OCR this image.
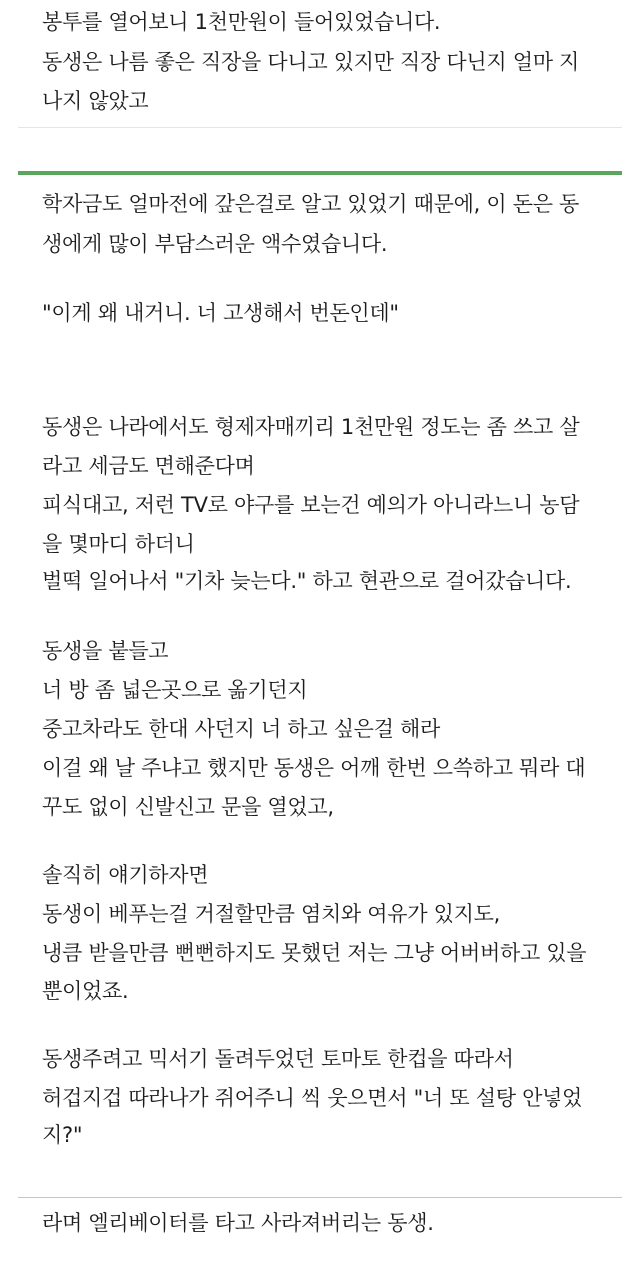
봉투를 열어보니 1천만원이 들어있었습니다.
동생은 나름 좋은 직장을 다니고 있지만 직장 다닌지 얼마 지
나지 않았고
학자금도 얼마전에 갚은걸로 알고 있었기 때문에, 이 돈은 동
생에게 많이 부담스러운 액수였습니다.
"이게 왜 내거니. 너 고생해서 번돈인데"
동생은 나라에서도 형제자매끼리 1천만원 정도는 좀 쓰고 살
라고 세금도 면해준다며
피식대고, 저런 TV로 야구를 보는건 예의가 아니라느니 농담
을 몇마디 하더니
벌떡 일어나서 "기차 늦는다." 하고 현관으로 걸어갔습니다.
동생을 붙들고
너 방 좀 넓은곳으로 옮기던지
중고차라도 한대 사던지 너 하고 싶은걸 해라
이걸 왜 날 주냐고 했지만 동생은 어깨 한번 으쓱하고 뭐라 대
꾸도 없이 신발신고 문을 열었고,
솔직히 얘기하자면
동생이 베푸는걸 거절할만큼 염치와 여유가 있지도,
냉큼 받을만큼 뻔뻔하지도 못했던 저는 그냥 어버버하고 있을
뿐이었죠.
동생주려고 믹서기 돌려두었던 토마토 한컵을 따라서
허겁지겁 따라나가 쥐어주니 씩 웃으면서 "너 또 설탕 안넣었
지?"
라며 엘리베이터를 타고 사라져버리는 동생.
